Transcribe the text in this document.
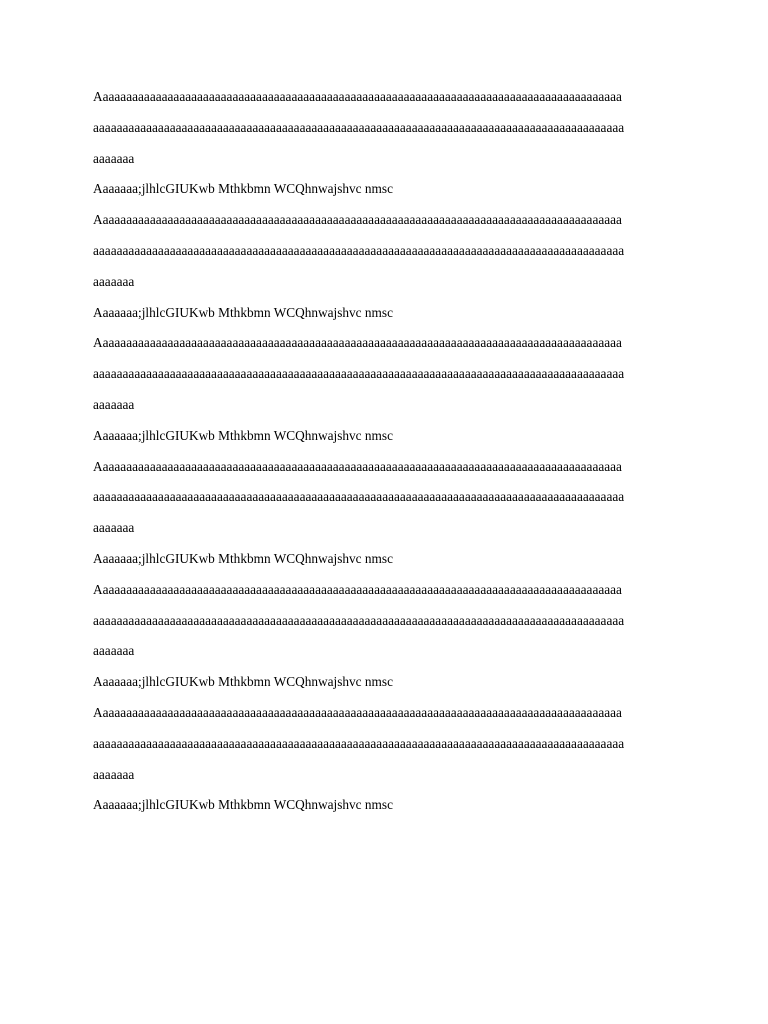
Aaaaaaaaaaaaaaaaaaaaaaaaaaaaaaaaaaaaaaaaaaaaaaaaaaaaaaaaaaaaaaaaaaaaaaaaaaaaaaaaaaaaaaaaa
aaaaaaaaaaaaaaaaaaaaaaaaaaaaaaaaaaaaaaaaaaaaaaaaaaaaaaaaaaaaaaaaaaaaaaaaaaaaaaaaaaaaaaaaaa
aaaaaaa
Aaaaaaa;jlhlcGIUKwb Mthkbmn WCQhnwajshvc nmsc
Aaaaaaaaaaaaaaaaaaaaaaaaaaaaaaaaaaaaaaaaaaaaaaaaaaaaaaaaaaaaaaaaaaaaaaaaaaaaaaaaaaaaaaaaa
aaaaaaaaaaaaaaaaaaaaaaaaaaaaaaaaaaaaaaaaaaaaaaaaaaaaaaaaaaaaaaaaaaaaaaaaaaaaaaaaaaaaaaaaaa
aaaaaaa
Aaaaaaa;jlhlcGIUKwb Mthkbmn WCQhnwajshvc nmsc
Aaaaaaaaaaaaaaaaaaaaaaaaaaaaaaaaaaaaaaaaaaaaaaaaaaaaaaaaaaaaaaaaaaaaaaaaaaaaaaaaaaaaaaaaa
aaaaaaaaaaaaaaaaaaaaaaaaaaaaaaaaaaaaaaaaaaaaaaaaaaaaaaaaaaaaaaaaaaaaaaaaaaaaaaaaaaaaaaaaaa
aaaaaaa
Aaaaaaa;jlhlcGIUKwb Mthkbmn WCQhnwajshvc nmsc
Aaaaaaaaaaaaaaaaaaaaaaaaaaaaaaaaaaaaaaaaaaaaaaaaaaaaaaaaaaaaaaaaaaaaaaaaaaaaaaaaaaaaaaaaa
aaaaaaaaaaaaaaaaaaaaaaaaaaaaaaaaaaaaaaaaaaaaaaaaaaaaaaaaaaaaaaaaaaaaaaaaaaaaaaaaaaaaaaaaaa
aaaaaaa
Aaaaaaa;jlhlcGIUKwb Mthkbmn WCQhnwajshvc nmsc
Aaaaaaaaaaaaaaaaaaaaaaaaaaaaaaaaaaaaaaaaaaaaaaaaaaaaaaaaaaaaaaaaaaaaaaaaaaaaaaaaaaaaaaaaa
aaaaaaaaaaaaaaaaaaaaaaaaaaaaaaaaaaaaaaaaaaaaaaaaaaaaaaaaaaaaaaaaaaaaaaaaaaaaaaaaaaaaaaaaaa
aaaaaaa
Aaaaaaa;jlhlcGIUKwb Mthkbmn WCQhnwajshvc nmsc
Aaaaaaaaaaaaaaaaaaaaaaaaaaaaaaaaaaaaaaaaaaaaaaaaaaaaaaaaaaaaaaaaaaaaaaaaaaaaaaaaaaaaaaaaa
aaaaaaaaaaaaaaaaaaaaaaaaaaaaaaaaaaaaaaaaaaaaaaaaaaaaaaaaaaaaaaaaaaaaaaaaaaaaaaaaaaaaaaaaaa
aaaaaaa
Aaaaaaa;jlhlcGIUKwb Mthkbmn WCQhnwajshvc nmsc
